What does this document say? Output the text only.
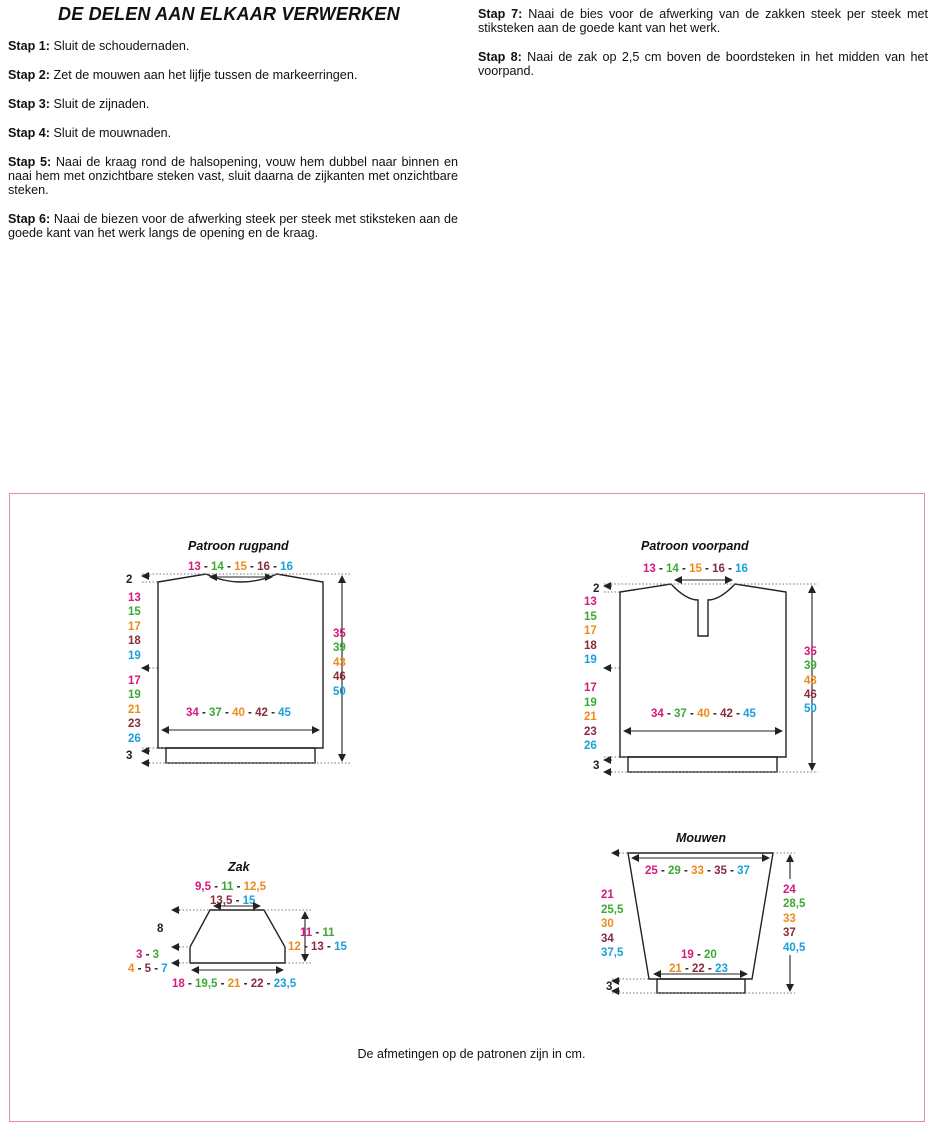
DE DELEN AAN ELKAAR VERWERKEN

Stap 1: Sluit de schoudernaden.

Stap 2: Zet de mouwen aan het lijfje tussen de markeerringen.

Stap 3: Sluit de zijnaden.

Stap 4: Sluit de mouwnaden.

Stap 5: Naai de kraag rond de halsopening, vouw hem dubbel naar binnen en naai hem met onzichtbare steken vast, sluit daarna de zijkanten met onzichtbare steken.

Stap 6: Naai de biezen voor de afwerking steek per steek met stiksteken aan de goede kant van het werk langs de opening en de kraag.

Stap 7: Naai de bies voor de afwerking van de zakken steek per steek met stiksteken aan de goede kant van het werk.

Stap 8: Naai de zak op 2,5 cm boven de boordsteken in het midden van het voorpand.

Patroon rugpand
13 - 14 - 15 - 16 - 16
2
3
13
15
17
18
19
17
19
21
23
26
35
39
43
46
50
34 - 37 - 40 - 42 - 45
Patroon voorpand
13 - 14 - 15 - 16 - 16
2
3
13
15
17
18
19
17
19
21
23
26
35
39
43
46
50
34 - 37 - 40 - 42 - 45
Zak
9,5 - 11 - 12,5
13,5 - 15
8
3 - 3
4 - 5 - 7
11 - 11
12 - 13 - 15
18 - 19,5 - 21 - 22 - 23,5
Mouwen
25 - 29 - 33 - 35 - 37
21
25,5
30
34
37,5
24
28,5
33
37
40,5
19 - 20
21 - 22 - 23
3
De afmetingen op de patronen zijn in cm.
